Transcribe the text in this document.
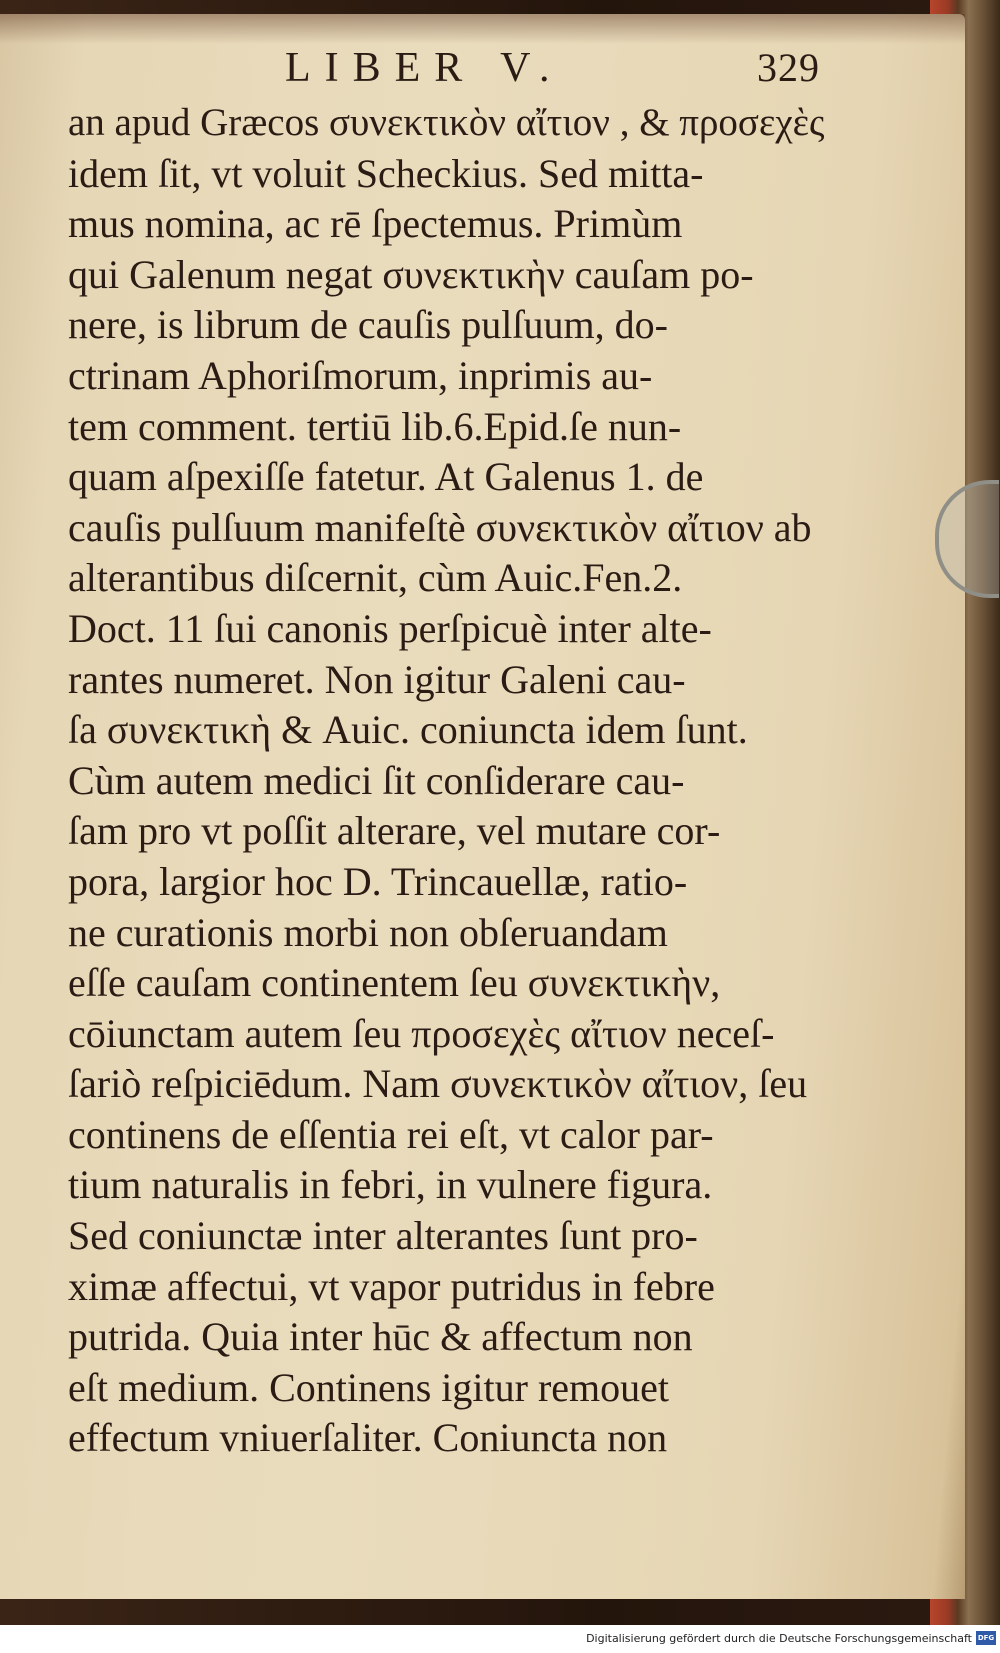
LIBER V.	329
an apud Græcos συνεκτικὸν αἴτιον , & προσεχὲς
idem ſit, vt voluit Scheckius. Sed mitta-
mus nomina, ac rē ſpectemus. Primùm
qui Galenum negat συνεκτικὴν cauſam po-
nere, is librum de cauſis pulſuum, do-
ctrinam Aphoriſmorum, inprimis au-
tem comment. tertiū lib.6.Epid.ſe nun-
quam aſpexiſſe fatetur. At Galenus 1. de
cauſis pulſuum manifeſtè συνεκτικὸν αἴτιον ab
alterantibus diſcernit, cùm Auic.Fen.2.
Doct. 11 ſui canonis perſpicuè inter alte-
rantes numeret. Non igitur Galeni cau-
ſa συνεκτικὴ & Auic. coniuncta idem ſunt.
Cùm autem medici ſit conſiderare cau-
ſam pro vt poſſit alterare, vel mutare cor-
pora, largior hoc D. Trincauellæ, ratio-
ne curationis morbi non obſeruandam
eſſe cauſam continentem ſeu συνεκτικὴν,
cōiunctam autem ſeu προσεχὲς αἴτιον neceſ-
ſariò reſpiciēdum. Nam συνεκτικὸν αἴτιον, ſeu
continens de eſſentia rei eſt, vt calor par-
tium naturalis in febri, in vulnere figura.
Sed coniunctæ inter alterantes ſunt pro-
ximæ affectui, vt vapor putridus in febre
putrida. Quia inter hūc & affectum non
eſt medium. Continens igitur remouet
effectum vniuerſaliter. Coniuncta non
Digitalisierung gefördert durch die Deutsche Forschungsgemeinschaft DFG
